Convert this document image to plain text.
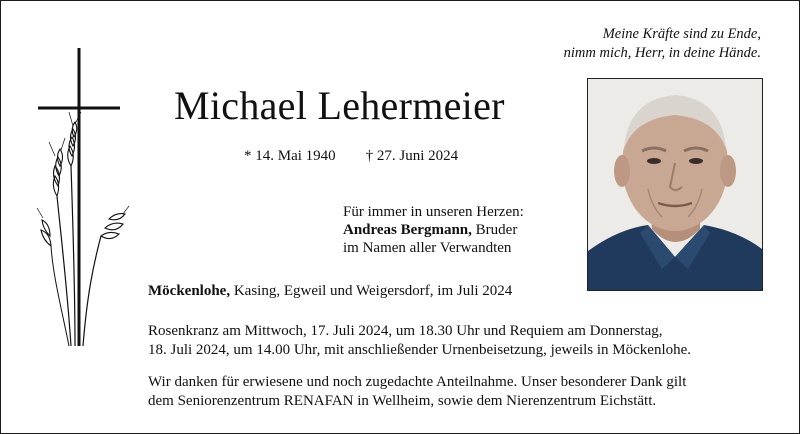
Meine Kräfte sind zu Ende,
nimm mich, Herr, in deine Hände.
Michael Lehermeier
* 14. Mai 1940 † 27. Juni 2024
Für immer in unseren Herzen:
Andreas Bergmann, Bruder
im Namen aller Verwandten
Möckenlohe, Kasing, Egweil und Weigersdorf, im Juli 2024
Rosenkranz am Mittwoch, 17. Juli 2024, um 18.30 Uhr und Requiem am Donnerstag,
18. Juli 2024, um 14.00 Uhr, mit anschließender Urnenbeisetzung, jeweils in Möckenlohe.
Wir danken für erwiesene und noch zugedachte Anteilnahme. Unser besonderer Dank gilt
dem Seniorenzentrum RENAFAN in Wellheim, sowie dem Nierenzentrum Eichstätt.
